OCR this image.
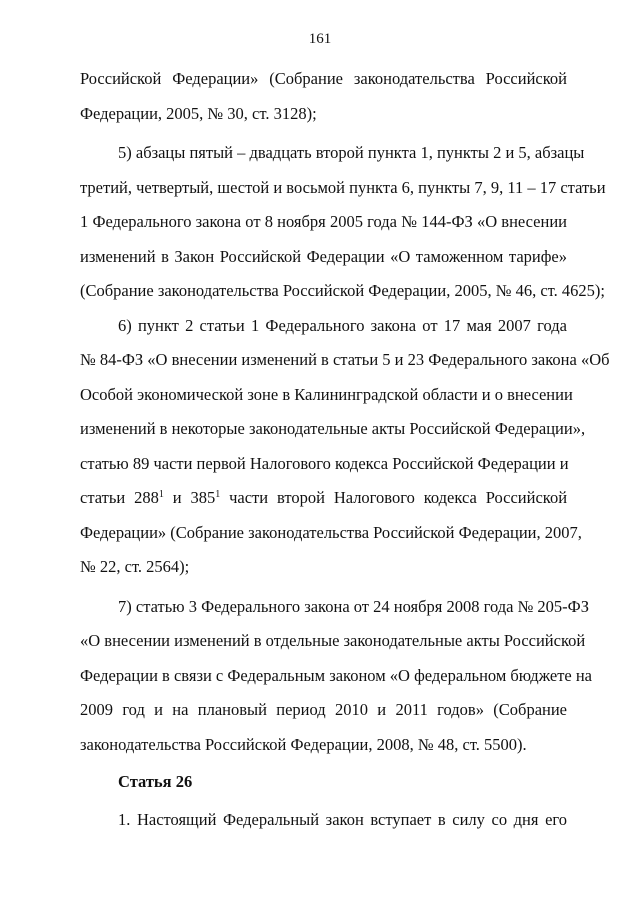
161
Российской Федерации» (Собрание законодательства Российской
Федерации, 2005, № 30, ст. 3128);
5) абзацы пятый – двадцать второй пункта 1, пункты 2 и 5, абзацы
третий, четвертый, шестой и восьмой пункта 6, пункты 7, 9, 11 – 17 статьи
1 Федерального закона от 8 ноября 2005 года № 144-ФЗ «О внесении
изменений в Закон Российской Федерации «О таможенном тарифе»
(Собрание законодательства Российской Федерации, 2005, № 46, ст. 4625);
6) пункт 2 статьи 1 Федерального закона от 17 мая 2007 года
№ 84-ФЗ «О внесении изменений в статьи 5 и 23 Федерального закона «Об
Особой экономической зоне в Калининградской области и о внесении
изменений в некоторые законодательные акты Российской Федерации»,
статью 89 части первой Налогового кодекса Российской Федерации и
статьи $288^1$ и $385^1$ части второй Налогового кодекса Российской
Федерации» (Собрание законодательства Российской Федерации, 2007,
№ 22, ст. 2564);
7) статью 3 Федерального закона от 24 ноября 2008 года № 205-ФЗ
«О внесении изменений в отдельные законодательные акты Российской
Федерации в связи с Федеральным законом «О федеральном бюджете на
2009 год и на плановый период 2010 и 2011 годов» (Собрание
законодательства Российской Федерации, 2008, № 48, ст. 5500).
Статья 26
1. Настоящий Федеральный закон вступает в силу со дня его
